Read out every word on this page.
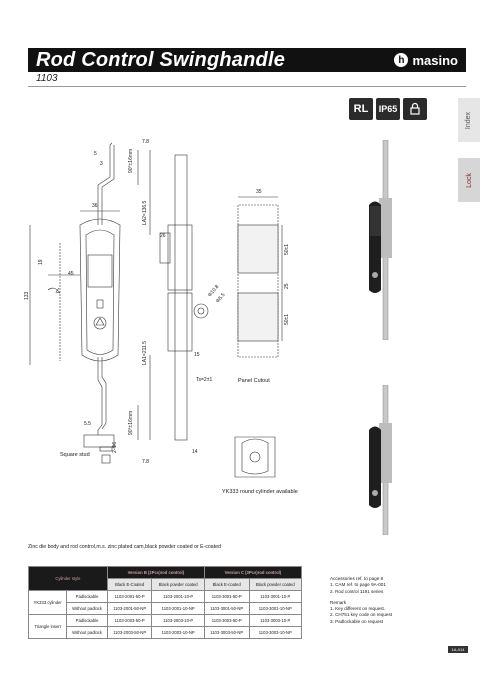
Rod Control Swinghandle	h masino
1103
Index
Lock
RL	IP65
7.8
90°±16mm
LA2=136.5
5
3
36
26
19
45
133
LA1=211.5	15
5.5
2-Φ6
7.8
90°±16mm
14
35
50±1
25
50±1
Φ10.8
Φ5.5
Ts=2±1	Panel Cutout
Square stud
YK333 round cylinder available
Zinc die body and rod control,m.s. zinc plated cam,black powder coated or E-coated
Cylinder style		Version B (2Pcs)rod control)		Version C (3Pcs)rod control)	
		Black E-Coated	Black powder coated	Black E-coated	Black powder coated
YK333 cylinder	Padlockable	1103-2001-50-P	1103-2001-10-P	1103-3001-50-P	1103-3001-10-P
	Without padlock	1103-2001-50-NP	1103-2001-10-NP	1103-3001-50-NP	1103-3001-10-NP
Triangle insert	Padlockable	1103-2003-50-P	1103-2003-10-P	1103-3003-50-P	1103-3003-10-P
	Without padlock	1103-2003-50-NP	1103-2003-10-NP	1103-3003-50-NP	1103-3003-10-NP
Accessories ref. to page 8
1. CAM ref. to page 9A-001
2. Rod control 1191 series
Remark
1. Key different on request.
2. CH751 key code on request
3. Padlockable on request
1A-014
